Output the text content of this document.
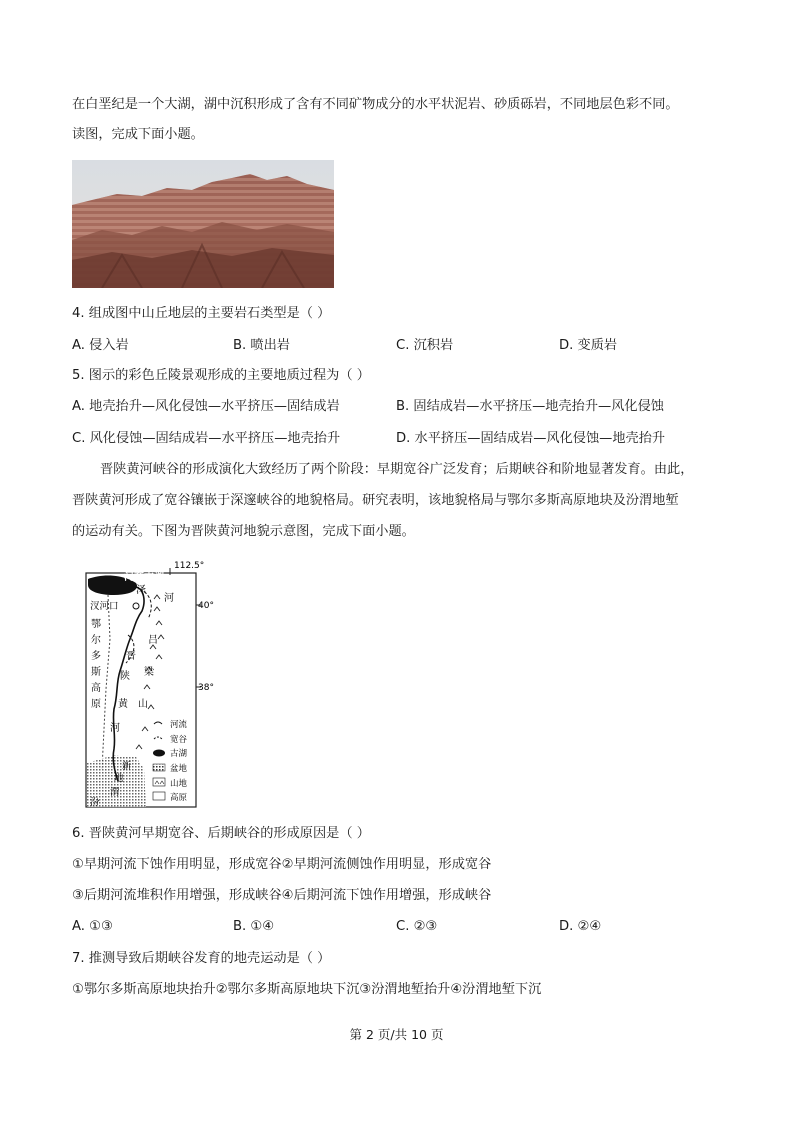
在白垩纪是一个大湖，湖中沉积形成了含有不同矿物成分的水平状泥岩、砂质砾岩，不同地层色彩不同。
读图，完成下面小题。
4. 组成图中山丘地层的主要岩石类型是（ ）
A. 侵入岩	B. 喷出岩	C. 沉积岩	D. 变质岩
5. 图示的彩色丘陵景观形成的主要地质过程为（ ）
A. 地壳抬升—风化侵蚀—水平挤压—固结成岩	B. 固结成岩—水平挤压—地壳抬升—风化侵蚀
C. 风化侵蚀—固结成岩—水平挤压—地壳抬升	D. 水平挤压—固结成岩—风化侵蚀—地壳抬升
晋陕黄河峡谷的形成演化大致经历了两个阶段：早期宽谷广泛发育；后期峡谷和阶地显著发育。由此，
晋陕黄河形成了宽谷镶嵌于深邃峡谷的地貌格局。研究表明，该地貌格局与鄂尔多斯高原地块及汾渭地堑
的运动有关。下图为晋陕黄河地貌示意图，完成下面小题。
112.5°
40°
38°
河套古湖
泽
汊河口
河
鄂
尔
多
斯
高
原
吕
梁
山
晋
陕
黄
河
新
地
渭
汾
河流
宽谷
古湖
盆地
山地
高原
6. 晋陕黄河早期宽谷、后期峡谷的形成原因是（ ）
①早期河流下蚀作用明显，形成宽谷②早期河流侧蚀作用明显，形成宽谷
③后期河流堆积作用增强，形成峡谷④后期河流下蚀作用增强，形成峡谷
A. ①③	B. ①④	C. ②③	D. ②④
7. 推测导致后期峡谷发育的地壳运动是（ ）
①鄂尔多斯高原地块抬升②鄂尔多斯高原地块下沉③汾渭地堑抬升④汾渭地堑下沉
第 2 页/共 10 页
